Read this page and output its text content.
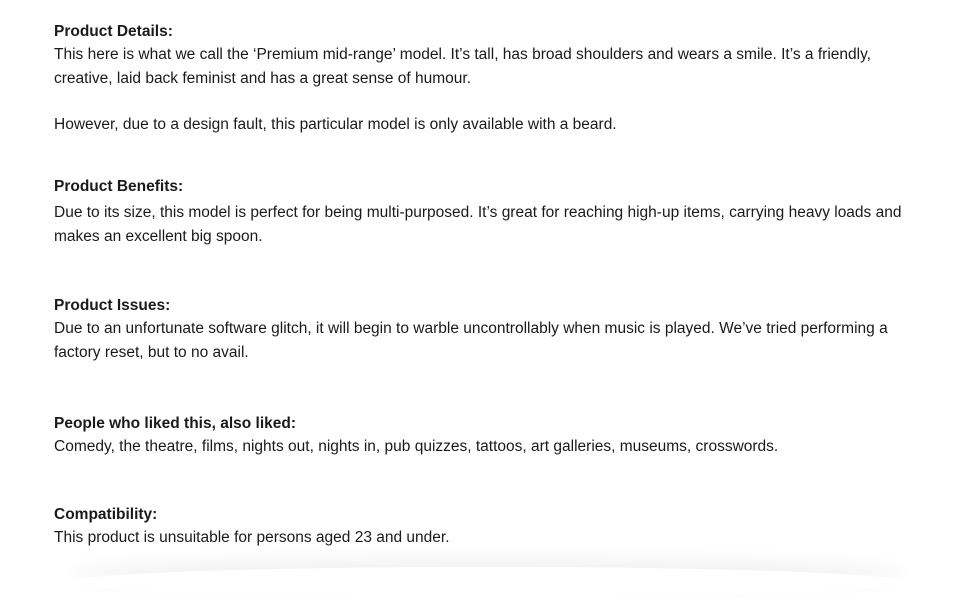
Product Details:

This here is what we call the ‘Premium mid-range’ model. It’s tall, has broad shoulders and wears a smile. It’s a friendly, creative, laid back feminist and has a great sense of humour.

However, due to a design fault, this particular model is only available with a beard.

Product Benefits:

Due to its size, this model is perfect for being multi-purposed. It’s great for reaching high-up items, carrying heavy loads and makes an excellent big spoon.

Product Issues:

Due to an unfortunate software glitch, it will begin to warble uncontrollably when music is played. We’ve tried performing a factory reset, but to no avail.

People who liked this, also liked:

Comedy, the theatre, films, nights out, nights in, pub quizzes, tattoos, art galleries, museums, crosswords.

Compatibility:

This product is unsuitable for persons aged 23 and under.
